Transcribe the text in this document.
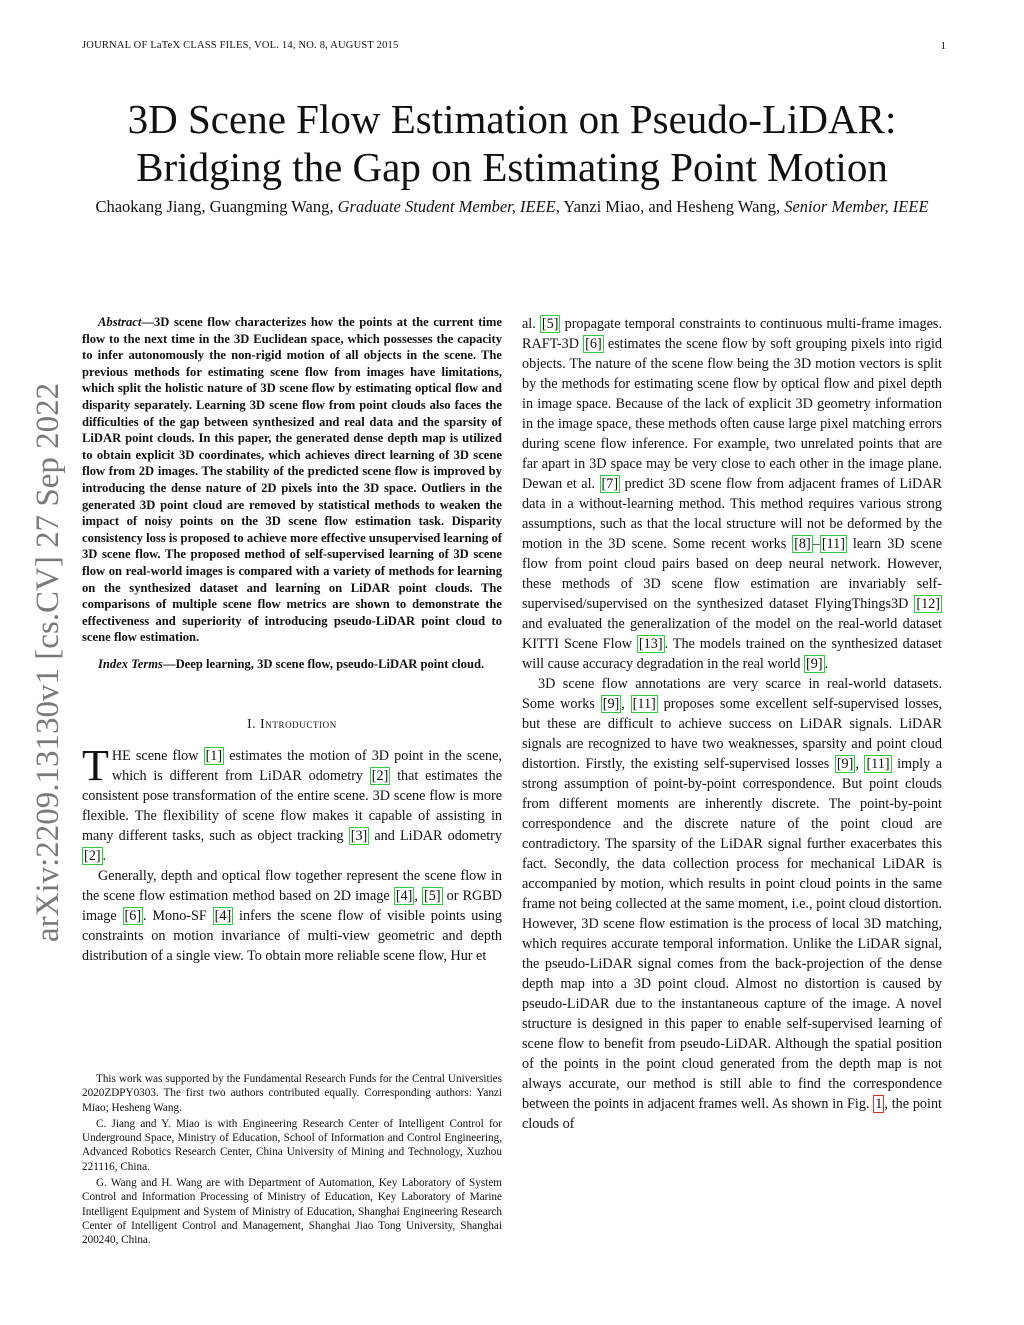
JOURNAL OF LaTeX CLASS FILES, VOL. 14, NO. 8, AUGUST 2015	1
arXiv:2209.13130v1 [cs.CV] 27 Sep 2022
3D Scene Flow Estimation on Pseudo-LiDAR:
Bridging the Gap on Estimating Point Motion
Chaokang Jiang, Guangming Wang, Graduate Student Member, IEEE, Yanzi Miao, and Hesheng Wang, Senior Member, IEEE

Abstract—3D scene flow characterizes how the points at the current time flow to the next time in the 3D Euclidean space, which possesses the capacity to infer autonomously the non-rigid motion of all objects in the scene. The previous methods for estimating scene flow from images have limitations, which split the holistic nature of 3D scene flow by estimating optical flow and disparity separately. Learning 3D scene flow from point clouds also faces the difficulties of the gap between synthesized and real data and the sparsity of LiDAR point clouds. In this paper, the generated dense depth map is utilized to obtain explicit 3D coordinates, which achieves direct learning of 3D scene flow from 2D images. The stability of the predicted scene flow is improved by introducing the dense nature of 2D pixels into the 3D space. Outliers in the generated 3D point cloud are removed by statistical methods to weaken the impact of noisy points on the 3D scene flow estimation task. Disparity consistency loss is proposed to achieve more effective unsupervised learning of 3D scene flow. The proposed method of self-supervised learning of 3D scene flow on real-world images is compared with a variety of methods for learning on the synthesized dataset and learning on LiDAR point clouds. The comparisons of multiple scene flow metrics are shown to demonstrate the effectiveness and superiority of introducing pseudo-LiDAR point cloud to scene flow estimation.

Index Terms—Deep learning, 3D scene flow, pseudo-LiDAR point cloud.

I. Introduction

THE scene flow [1] estimates the motion of 3D point in the scene, which is different from LiDAR odometry [2] that estimates the consistent pose transformation of the entire scene. 3D scene flow is more flexible. The flexibility of scene flow makes it capable of assisting in many different tasks, such as object tracking [3] and LiDAR odometry [2] .

Generally, depth and optical flow together represent the scene flow in the scene flow estimation method based on 2D image [4] , [5] or RGBD image [6] . Mono-SF [4] infers the scene flow of visible points using constraints on motion invariance of multi-view geometric and depth distribution of a single view. To obtain more reliable scene flow, Hur et

This work was supported by the Fundamental Research Funds for the Central Universities 2020ZDPY0303. The first two authors contributed equally. Corresponding authors: Yanzi Miao; Hesheng Wang.

C. Jiang and Y. Miao is with Engineering Research Center of Intelligent Control for Underground Space, Ministry of Education, School of Information and Control Engineering, Advanced Robotics Research Center, China University of Mining and Technology, Xuzhou 221116, China.

G. Wang and H. Wang are with Department of Automation, Key Laboratory of System Control and Information Processing of Ministry of Education, Key Laboratory of Marine Intelligent Equipment and System of Ministry of Education, Shanghai Engineering Research Center of Intelligent Control and Management, Shanghai Jiao Tong University, Shanghai 200240, China.

al. [5] propagate temporal constraints to continuous multi-frame images. RAFT-3D [6] estimates the scene flow by soft grouping pixels into rigid objects. The nature of the scene flow being the 3D motion vectors is split by the methods for estimating scene flow by optical flow and pixel depth in image space. Because of the lack of explicit 3D geometry information in the image space, these methods often cause large pixel matching errors during scene flow inference. For example, two unrelated points that are far apart in 3D space may be very close to each other in the image plane. Dewan et al. [7] predict 3D scene flow from adjacent frames of LiDAR data in a without-learning method. This method requires various strong assumptions, such as that the local structure will not be deformed by the motion in the 3D scene. Some recent works [8] – [11] learn 3D scene flow from point cloud pairs based on deep neural network. However, these methods of 3D scene flow estimation are invariably self-supervised/supervised on the synthesized dataset FlyingThings3D [12] and evaluated the generalization of the model on the real-world dataset KITTI Scene Flow [13] . The models trained on the synthesized dataset will cause accuracy degradation in the real world [9] .

3D scene flow annotations are very scarce in real-world datasets. Some works [9] , [11] proposes some excellent self-supervised losses, but these are difficult to achieve success on LiDAR signals. LiDAR signals are recognized to have two weaknesses, sparsity and point cloud distortion. Firstly, the existing self-supervised losses [9] , [11] imply a strong assumption of point-by-point correspondence. But point clouds from different moments are inherently discrete. The point-by-point correspondence and the discrete nature of the point cloud are contradictory. The sparsity of the LiDAR signal further exacerbates this fact. Secondly, the data collection process for mechanical LiDAR is accompanied by motion, which results in point cloud points in the same frame not being collected at the same moment, i.e., point cloud distortion. However, 3D scene flow estimation is the process of local 3D matching, which requires accurate temporal information. Unlike the LiDAR signal, the pseudo-LiDAR signal comes from the back-projection of the dense depth map into a 3D point cloud. Almost no distortion is caused by pseudo-LiDAR due to the instantaneous capture of the image. A novel structure is designed in this paper to enable self-supervised learning of scene flow to benefit from pseudo-LiDAR. Although the spatial position of the points in the point cloud generated from the depth map is not always accurate, our method is still able to find the correspondence between the points in adjacent frames well. As shown in Fig. 1 , the point clouds of
